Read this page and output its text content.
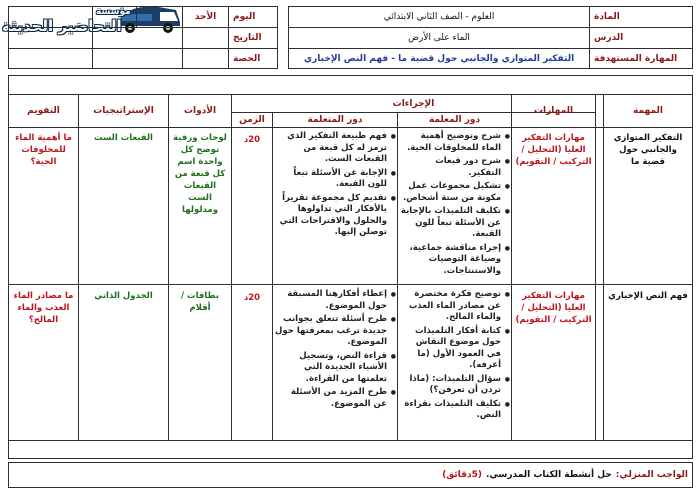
مؤسسة
التحاضير الحديثة	اليوم
الأحد
التاريخ
الحصة
المادة
العلوم - الصف الثاني الابتدائي
الدرس
الماء على الأرض
المهارة المستهدفة
التفكير المتوازي والجانبي حول قضية ما - فهم النص الإخباري
المهمة
المهارات
الإجراءات
دور المعلمة
دور المتعلمة
الزمن
الأدوات
الإستراتيجيات
التقويم
التفكير المتوازي والجانبي حول قضية ما
مهارات التفكير العليا (التحليل / التركيب / التقويم)
● شرح وتوضيح أهمية الماء للمخلوقات الحية.
● شرح دور قبعات التفكير.
● تشكيل مجموعات عمل مكونة من ستة أشخاص.
● تكليف التلميذات بالإجابة عن الأسئلة تبعاً للون القبعة.
● إجراء مناقشة جماعية، وصياغة التوصيات والاستنتاجات.
● فهم طبيعة التفكير الذي ترمز له كل قبعة من القبعات الست.
● الإجابة عن الأسئلة تبعاً للون القبعة.
● تقديم كل مجموعة تقريراً بالأفكار التي تداولوها والحلول والاقتراحات التي توصلن إليها.
20د
لوحات ورقية توضح كل واحدة اسم كل قبعة من القبعات الست ومدلولها
القبعات الست
ما أهمية الماء للمخلوقات الحية؟
فهم النص الإخباري
مهارات التفكير العليا (التحليل / التركيب / التقويم)
● توضيح فكرة مختصرة عن مصادر الماء العذب والماء المالح.
● كتابة أفكار التلميذات حول موضوع النقاش في العمود الأول (ما أعرفه).
● سؤال التلميذات: (ماذا تردن أن تعرفن؟)
● تكليف التلميذات بقراءة النص.
● إعطاء أفكارهنا المسبقة حول الموضوع.
● طرح أسئلة تتعلق بجوانب جديدة ترغب بمعرفتها حول الموضوع.
● قراءة النص، وتسجيل الأشياء الجديدة التي تعلمتها من القراءة.
● طرح المزيد من الأسئلة عن الموضوع.
20د
بطاقات / أقلام
الجدول الذاتي
ما مصادر الماء العذب والماء المالح؟
الواجب المنزلي:
حل أنشطة الكتاب المدرسي.
(5دقائق)
